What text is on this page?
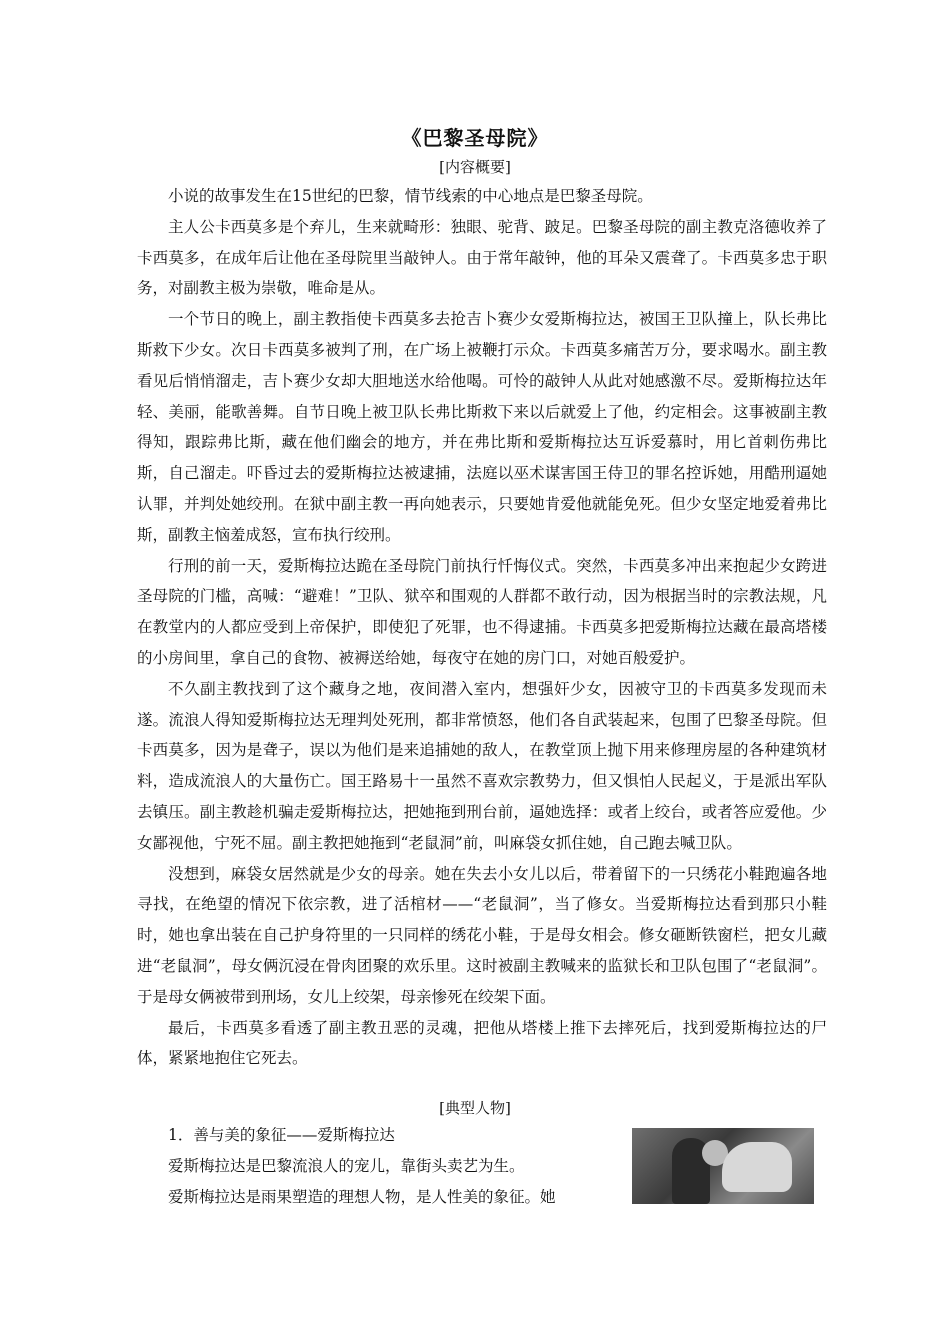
《巴黎圣母院》
[内容概要]

小说的故事发生在15世纪的巴黎，情节线索的中心地点是巴黎圣母院。

主人公卡西莫多是个弃儿，生来就畸形：独眼、驼背、跛足。巴黎圣母院的副主教克洛德收养了卡西莫多，在成年后让他在圣母院里当敲钟人。由于常年敲钟，他的耳朵又震聋了。卡西莫多忠于职务，对副教主极为崇敬，唯命是从。

一个节日的晚上，副主教指使卡西莫多去抢吉卜赛少女爱斯梅拉达，被国王卫队撞上，队长弗比斯救下少女。次日卡西莫多被判了刑，在广场上被鞭打示众。卡西莫多痛苦万分，要求喝水。副主教看见后悄悄溜走，吉卜赛少女却大胆地送水给他喝。可怜的敲钟人从此对她感激不尽。爱斯梅拉达年轻、美丽，能歌善舞。自节日晚上被卫队长弗比斯救下来以后就爱上了他，约定相会。这事被副主教得知，跟踪弗比斯，藏在他们幽会的地方，并在弗比斯和爱斯梅拉达互诉爱慕时，用匕首刺伤弗比斯，自己溜走。吓昏过去的爱斯梅拉达被逮捕，法庭以巫术谋害国王侍卫的罪名控诉她，用酷刑逼她认罪，并判处她绞刑。在狱中副主教一再向她表示，只要她肯爱他就能免死。但少女坚定地爱着弗比斯，副教主恼羞成怒，宣布执行绞刑。

行刑的前一天，爱斯梅拉达跪在圣母院门前执行忏悔仪式。突然，卡西莫多冲出来抱起少女跨进圣母院的门槛，高喊：“避难！”卫队、狱卒和围观的人群都不敢行动，因为根据当时的宗教法规，凡在教堂内的人都应受到上帝保护，即使犯了死罪，也不得逮捕。卡西莫多把爱斯梅拉达藏在最高塔楼的小房间里，拿自己的食物、被褥送给她，每夜守在她的房门口，对她百般爱护。

不久副主教找到了这个藏身之地，夜间潜入室内，想强奸少女，因被守卫的卡西莫多发现而未遂。流浪人得知爱斯梅拉达无理判处死刑，都非常愤怒，他们各自武装起来，包围了巴黎圣母院。但卡西莫多，因为是聋子，误以为他们是来追捕她的敌人，在教堂顶上抛下用来修理房屋的各种建筑材料，造成流浪人的大量伤亡。国王路易十一虽然不喜欢宗教势力，但又惧怕人民起义，于是派出军队去镇压。副主教趁机骗走爱斯梅拉达，把她拖到刑台前，逼她选择：或者上绞台，或者答应爱他。少女鄙视他，宁死不屈。副主教把她拖到“老鼠洞”前，叫麻袋女抓住她，自己跑去喊卫队。

没想到，麻袋女居然就是少女的母亲。她在失去小女儿以后，带着留下的一只绣花小鞋跑遍各地寻找，在绝望的情况下依宗教，进了活棺材——“老鼠洞”，当了修女。当爱斯梅拉达看到那只小鞋时，她也拿出装在自己护身符里的一只同样的绣花小鞋，于是母女相会。修女砸断铁窗栏，把女儿藏进“老鼠洞”，母女俩沉浸在骨肉团聚的欢乐里。这时被副主教喊来的监狱长和卫队包围了“老鼠洞”。于是母女俩被带到刑场，女儿上绞架，母亲惨死在绞架下面。

最后，卡西莫多看透了副主教丑恶的灵魂，把他从塔楼上推下去摔死后，找到爱斯梅拉达的尸体，紧紧地抱住它死去。

[典型人物]

1．善与美的象征——爱斯梅拉达

爱斯梅拉达是巴黎流浪人的宠儿，靠街头卖艺为生。

爱斯梅拉达是雨果塑造的理想人物，是人性美的象征。她
